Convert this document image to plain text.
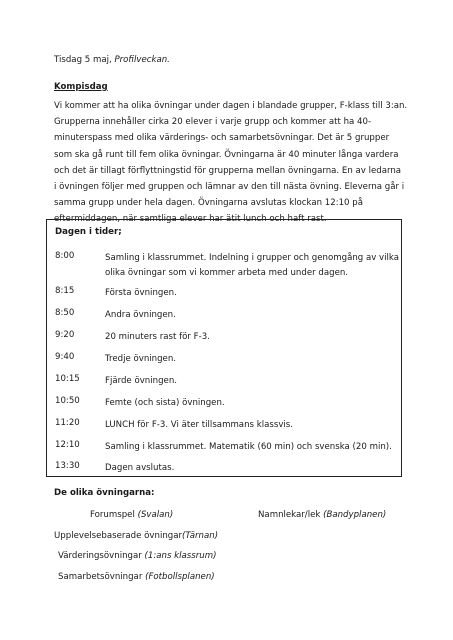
Tisdag 5 maj, Profilveckan.
Kompisdag
Vi kommer att ha olika övningar under dagen i blandade grupper, F-klass till 3:an.
Grupperna innehåller cirka 20 elever i varje grupp och kommer att ha 40-
minuterspass med olika värderings- och samarbetsövningar. Det är 5 grupper
som ska gå runt till fem olika övningar. Övningarna är 40 minuter långa vardera
och det är tillagt förflyttningstid för grupperna mellan övningarna. En av ledarna
i övningen följer med gruppen och lämnar av den till nästa övning. Eleverna går i
samma grupp under hela dagen. Övningarna avslutas klockan 12:10 på
eftermiddagen, när samtliga elever har ätit lunch och haft rast.
Dagen i tider;
8:00	Samling i klassrummet. Indelning i grupper och genomgång av vilka
olika övningar som vi kommer arbeta med under dagen.
8:15	Första övningen.
8:50	Andra övningen.
9:20	20 minuters rast för F-3.
9:40	Tredje övningen.
10:15	Fjärde övningen.
10:50	Femte (och sista) övningen.
11:20	LUNCH för F-3. Vi äter tillsammans klassvis.
12:10	Samling i klassrummet. Matematik (60 min) och svenska (20 min).
13:30	Dagen avslutas.
De olika övningarna:
Forumspel (Svalan)	Namnlekar/lek (Bandyplanen)
Upplevelsebaserade övningar(Tärnan)
Värderingsövningar (1:ans klassrum)
Samarbetsövningar (Fotbollsplanen)
